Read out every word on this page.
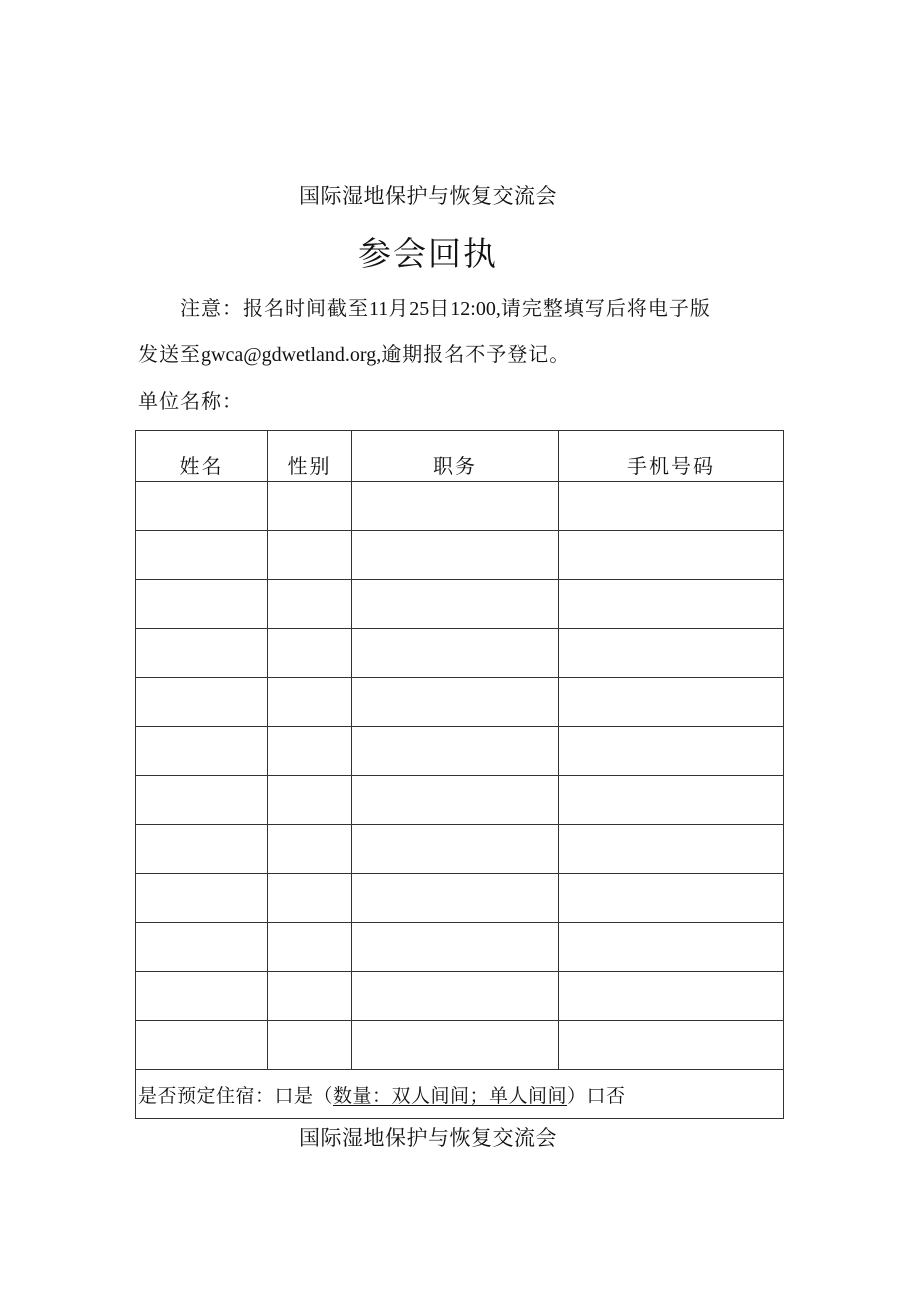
国际湿地保护与恢复交流会
参会回执
注意：报名时间截至11月25日12:00,请完整填写后将电子版
发送至gwca@gdwetland.org,逾期报名不予登记。
单位名称：
姓名	性别	职务	手机号码

是否预定住宿：口是（数量：双人间间；单人间间）口否			
国际湿地保护与恢复交流会
